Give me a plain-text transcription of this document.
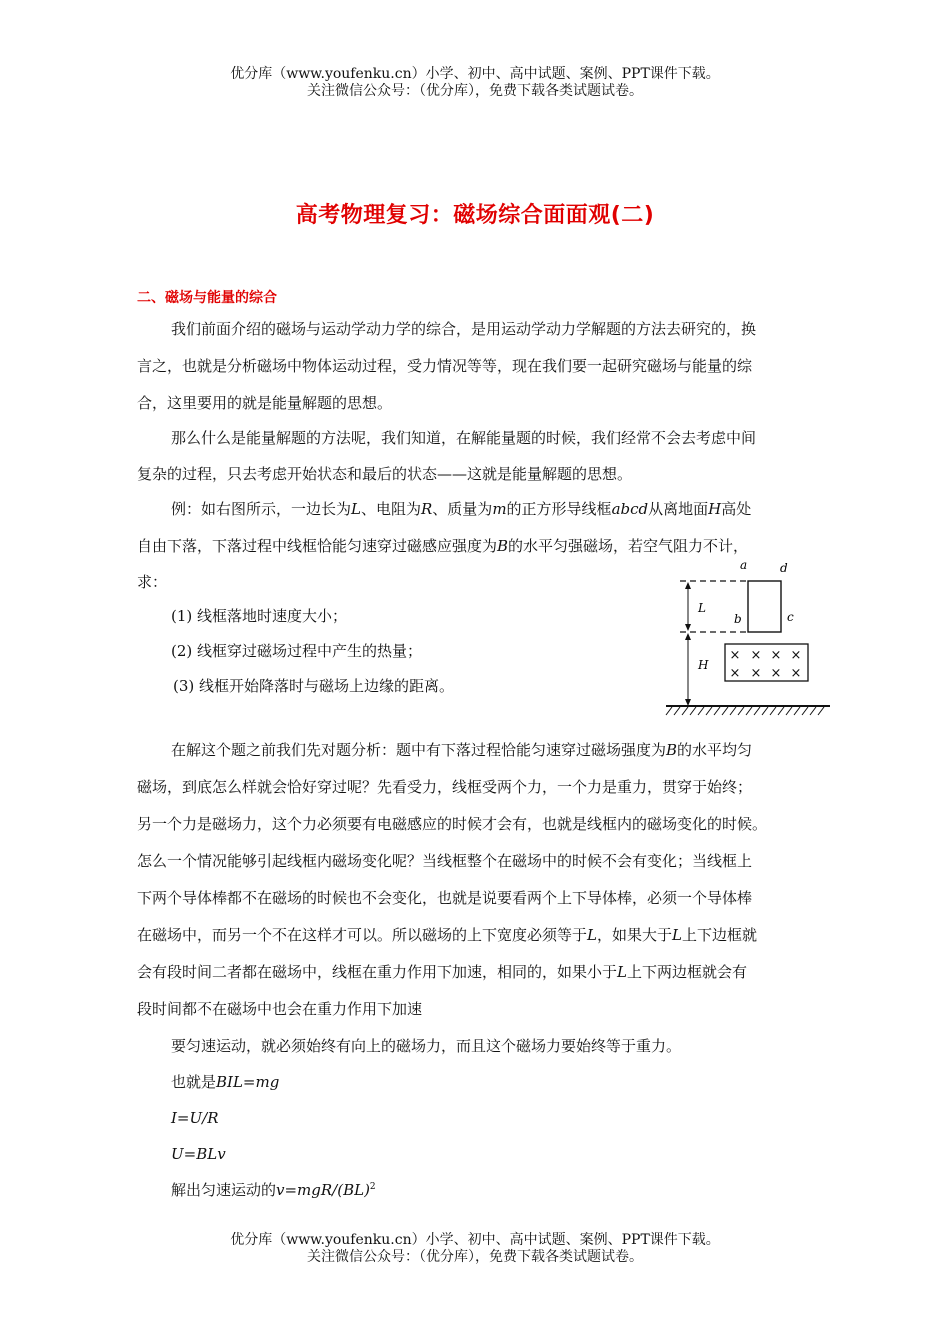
优分库（www.youfenku.cn）小学、初中、高中试题、案例、PPT课件下载。
关注微信公众号：（优分库），免费下载各类试题试卷。
高考物理复习：磁场综合面面观(二)
二、磁场与能量的综合
我们前面介绍的磁场与运动学动力学的综合，是用运动学动力学解题的方法去研究的，换
言之，也就是分析磁场中物体运动过程，受力情况等等，现在我们要一起研究磁场与能量的综
合，这里要用的就是能量解题的思想。
那么什么是能量解题的方法呢，我们知道，在解能量题的时候，我们经常不会去考虑中间
复杂的过程，只去考虑开始状态和最后的状态——这就是能量解题的思想。
例：如右图所示，一边长为L、电阻为R、质量为m的正方形导线框abcd从离地面H高处
自由下落，下落过程中线框恰能匀速穿过磁感应强度为B的水平匀强磁场，若空气阻力不计，
求：
(1) 线框落地时速度大小；
(2) 线框穿过磁场过程中产生的热量；
(3) 线框开始降落时与磁场上边缘的距离。
a	d
b	c
L
H
× × × ×
× × × ×
在解这个题之前我们先对题分析：题中有下落过程恰能匀速穿过磁场强度为B的水平均匀
磁场，到底怎么样就会恰好穿过呢？先看受力，线框受两个力，一个力是重力，贯穿于始终；
另一个力是磁场力，这个力必须要有电磁感应的时候才会有，也就是线框内的磁场变化的时候。
怎么一个情况能够引起线框内磁场变化呢？当线框整个在磁场中的时候不会有变化；当线框上
下两个导体棒都不在磁场的时候也不会变化，也就是说要看两个上下导体棒，必须一个导体棒
在磁场中，而另一个不在这样才可以。所以磁场的上下宽度必须等于L，如果大于L上下边框就
会有段时间二者都在磁场中，线框在重力作用下加速，相同的，如果小于L上下两边框就会有
段时间都不在磁场中也会在重力作用下加速
要匀速运动，就必须始终有向上的磁场力，而且这个磁场力要始终等于重力。
也就是BIL=mg
I=U/R
U=BLv
解出匀速运动的v=mgR/(BL)$^2$
优分库（www.youfenku.cn）小学、初中、高中试题、案例、PPT课件下载。
关注微信公众号：（优分库），免费下载各类试题试卷。
